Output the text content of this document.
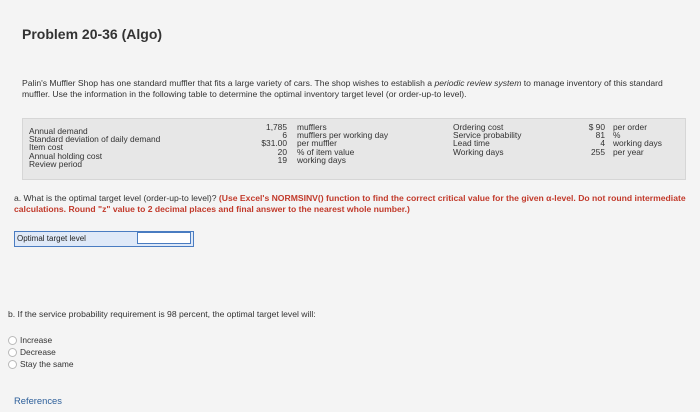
Problem 20-36 (Algo)
Palin's Muffler Shop has one standard muffler that fits a large variety of cars. The shop wishes to establish a periodic review system to manage inventory of this standard muffler. Use the information in the following table to determine the optimal inventory target level (or order-up-to level).
Annual demand
Standard deviation of daily demand
Item cost
Annual holding cost
Review period
1,785
6
$31.00
20
19
mufflers
mufflers per working day
per muffler
% of item value
working days
Ordering cost
Service probability
Lead time
Working days
$ 90
81
4
255
per order
%
working days
per year
a. What is the optimal target level (order-up-to level)? (Use Excel's NORMSINV() function to find the correct critical value for the given α-level. Do not round intermediate calculations. Round "z" value to 2 decimal places and final answer to the nearest whole number.)
Optimal target level
b. If the service probability requirement is 98 percent, the optimal target level will:
Increase
Decrease
Stay the same
References
